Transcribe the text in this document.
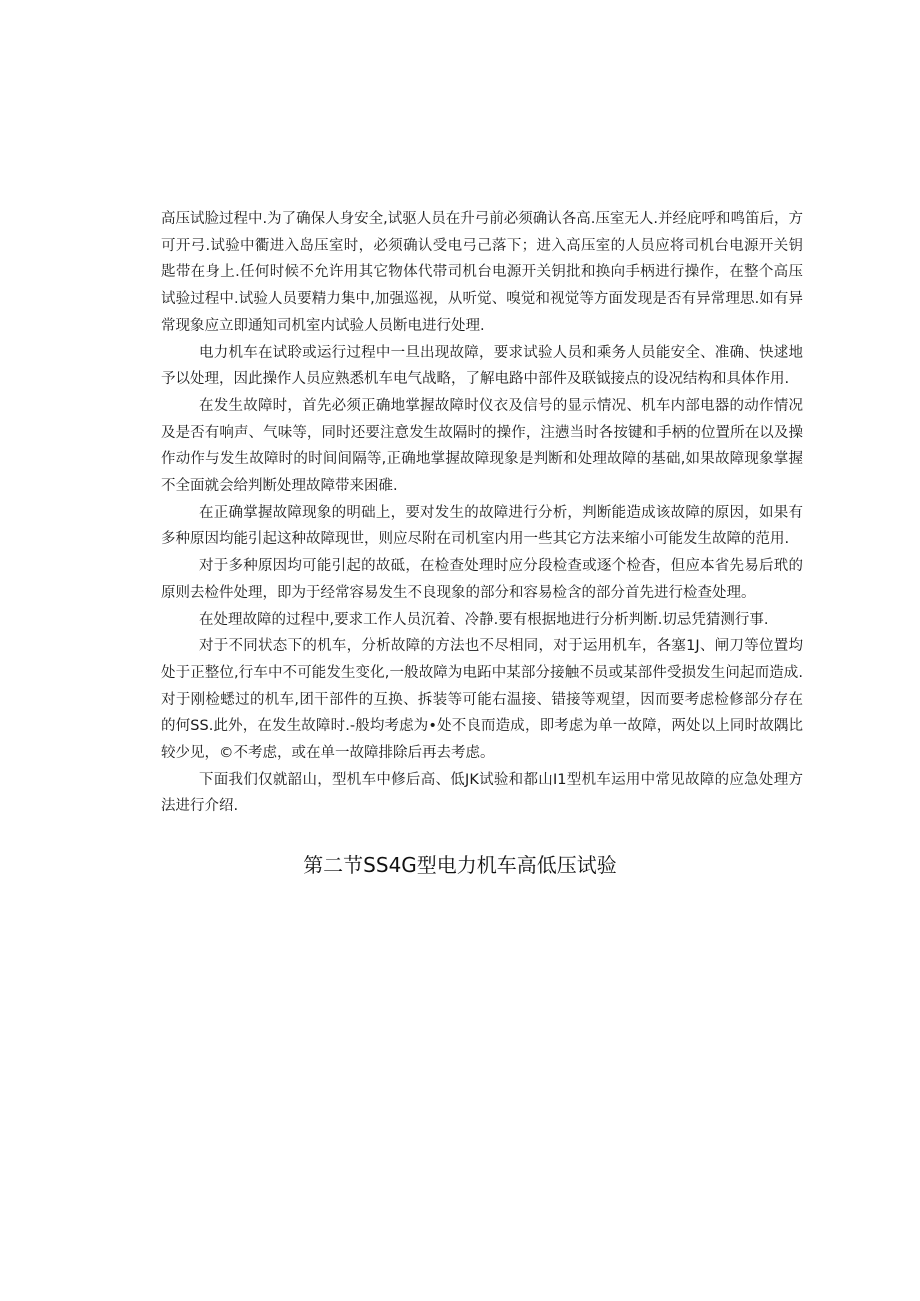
高压试脸过程中.为了确保人身安全,试驱人员在升弓前必须确认各高.压室无人.并经庇呼和鸣笛后，方可开弓.试验中衢进入岛压室时，必须确认受电弓己落下；进入高压室的人员应将司机台电源开关钥匙带在身上.任何时候不允许用其它物体代帯司机台电源开关钥批和换向手柄进行操作，在整个高压试验过程中.试验人员要精力集中,加强巡视，从听觉、嗅觉和视觉等方面发现是否有异常理思.如有异常现象应立即通知司机室内试验人员断电进行处理.

电力机车在试聆或运行过程中一旦出现故障，要求试验人员和乘务人员能安全、准确、快逑地予以处理，因此操作人员应熟悉机车电气战略，了解电路中部件及联钺接点的设况结构和具体作用.

在发生故障时，首先必须正确地掌握故障时仪衣及信号的显示情况、机车内部电器的动作情况及是否有响声、气味等，同时还要注意发生故隔时的操作，注懑当时各按键和手柄的位置所在以及操作动作与发生故障时的时间间隔等,正确地掌握故障现象是判断和处理故障的基础,如果故障现象掌握不全面就会给判断处理故障带来困碓.

在正确掌握故障现象的明础上，要对发生的故障进行分析，判断能造成该故障的原因，如果有多种原因均能引起这种故障现世，则应尽附在司机室内用一些其它方法来缩小可能发生故障的范用.

对于多种原因均可能引起的故砥，在检查处理时应分段检查或逐个检杳，但应本省先易后玳的原则去检件处理，即为于经常容易发生不良现象的部分和容易检含的部分首先进行检查处理。

在处理故障的过程中,要求工作人员沉着、冷静.要有根据地进行分析判断.切忌凭猜测行事.

对于不同状态下的机车，分析故障的方法也不尽相同，对于运用机车，各塞1J、闸刀等位置均处于正整位,行车中不可能发生变化,一般故障为电跖中某部分接触不员或某部件受损发生问起而造成.对于刚检蟋过的机车,团干部件的互换、拆装等可能右温接、错接等观望，因而要考虑检修部分存在的何SS.此外，在发生故障时.-般均考虑为•处不良而造成，即考虑为单一故障，两处以上同时故隅比较少见，©不考虑，或在单一故障排除后再去考虑。

下面我们仅就韶山，型机车中修后高、低JK试验和都山I1型机车运用中常见故障的应急处理方法进行介绍.

第二节SS4G型电力机车高低压试验
